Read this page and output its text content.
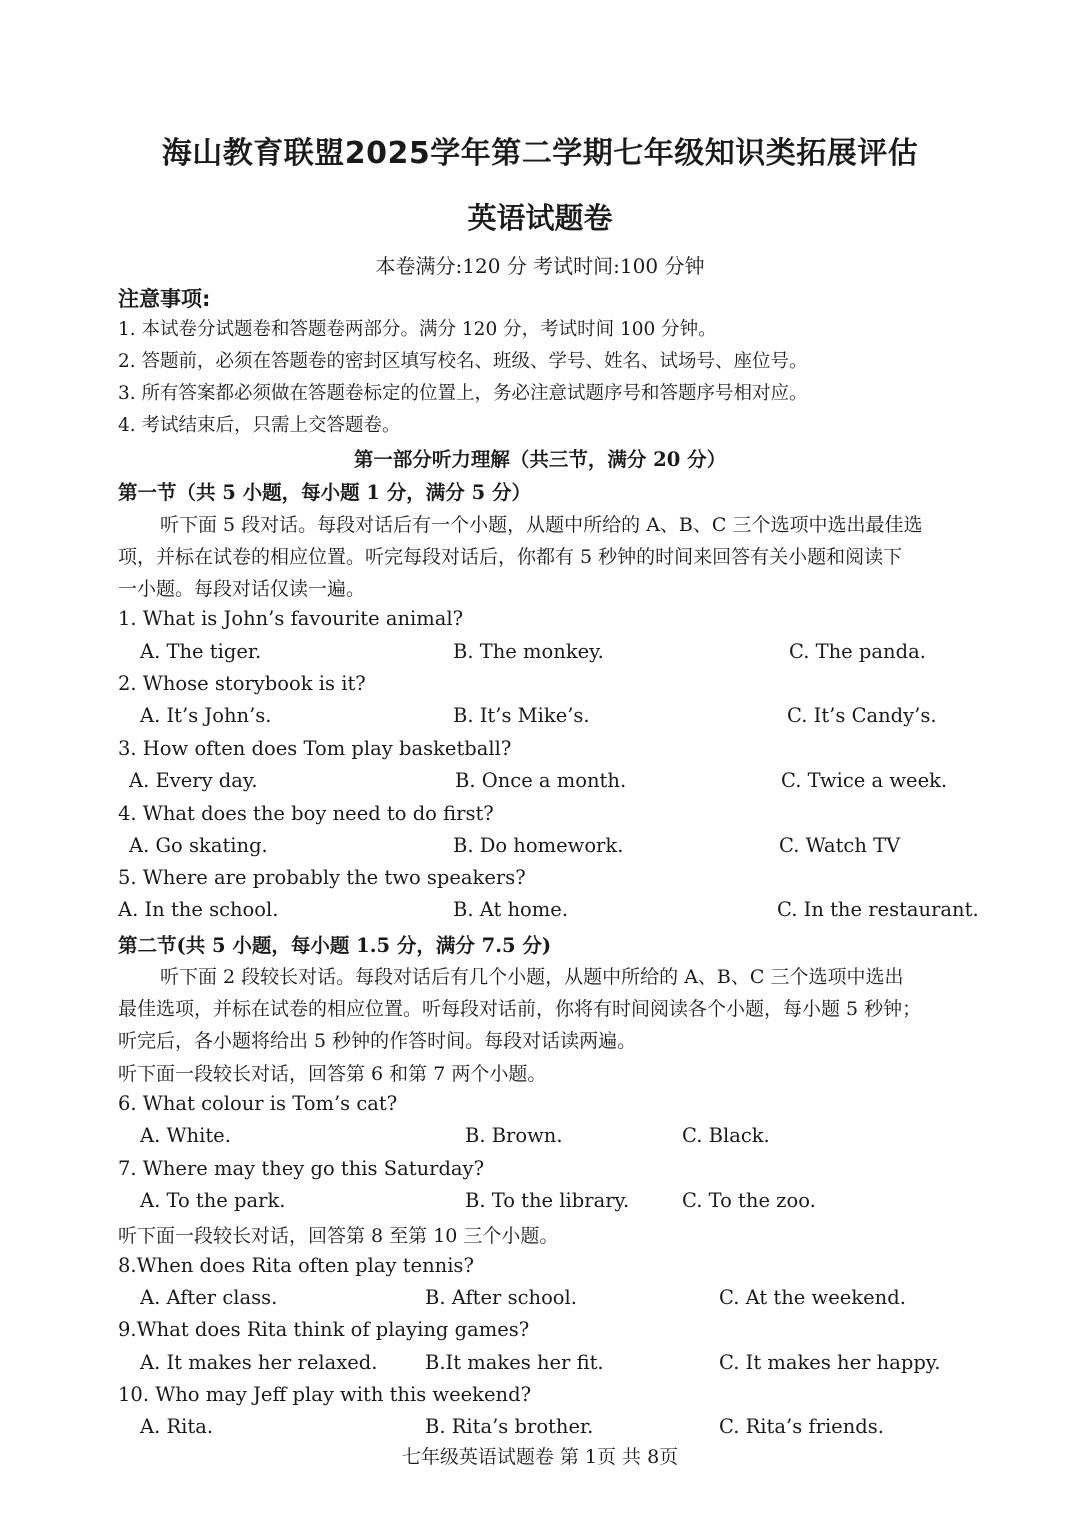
海山教育联盟2025学年第二学期七年级知识类拓展评估
英语试题卷
本卷满分:120 分 考试时间:100 分钟
注意事项:
1. 本试卷分试题卷和答题卷两部分。满分 120 分，考试时间 100 分钟。
2. 答题前，必须在答题卷的密封区填写校名、班级、学号、姓名、试场号、座位号。
3. 所有答案都必须做在答题卷标定的位置上，务必注意试题序号和答题序号相对应。
4. 考试结束后，只需上交答题卷。
第一部分听力理解（共三节，满分 20 分）
第一节（共 5 小题，每小题 1 分，满分 5 分）
听下面 5 段对话。每段对话后有一个小题，从题中所给的 A、B、C 三个选项中选出最佳选
项，并标在试卷的相应位置。听完每段对话后，你都有 5 秒钟的时间来回答有关小题和阅读下
一小题。每段对话仅读一遍。
1. What is John’s favourite animal?
A. The tiger.	B. The monkey.	C. The panda.
2. Whose storybook is it?
A. It’s John’s.	B. It’s Mike’s.	C. It’s Candy’s.
3. How often does Tom play basketball?
A. Every day.	B. Once a month.	C. Twice a week.
4. What does the boy need to do first?
A. Go skating.	B. Do homework.	C. Watch TV
5. Where are probably the two speakers?
A. In the school.	B. At home.	C. In the restaurant.
第二节(共 5 小题，每小题 1.5 分，满分 7.5 分)
听下面 2 段较长对话。每段对话后有几个小题，从题中所给的 A、B、C 三个选项中选出
最佳选项，并标在试卷的相应位置。听每段对话前，你将有时间阅读各个小题，每小题 5 秒钟；
听完后，各小题将给出 5 秒钟的作答时间。每段对话读两遍。
听下面一段较长对话，回答第 6 和第 7 两个小题。
6. What colour is Tom’s cat?
A. White.	B. Brown.	C. Black.
7. Where may they go this Saturday?
A. To the park.	B. To the library.	C. To the zoo.
听下面一段较长对话，回答第 8 至第 10 三个小题。
8.When does Rita often play tennis?
A. After class.	B. After school.	C. At the weekend.
9.What does Rita think of playing games?
A. It makes her relaxed. B.It makes her fit.	C. It makes her happy.
10. Who may Jeff play with this weekend?
A. Rita.	B. Rita’s brother.	C. Rita’s friends.
七年级英语试题卷 第 1页 共 8页
